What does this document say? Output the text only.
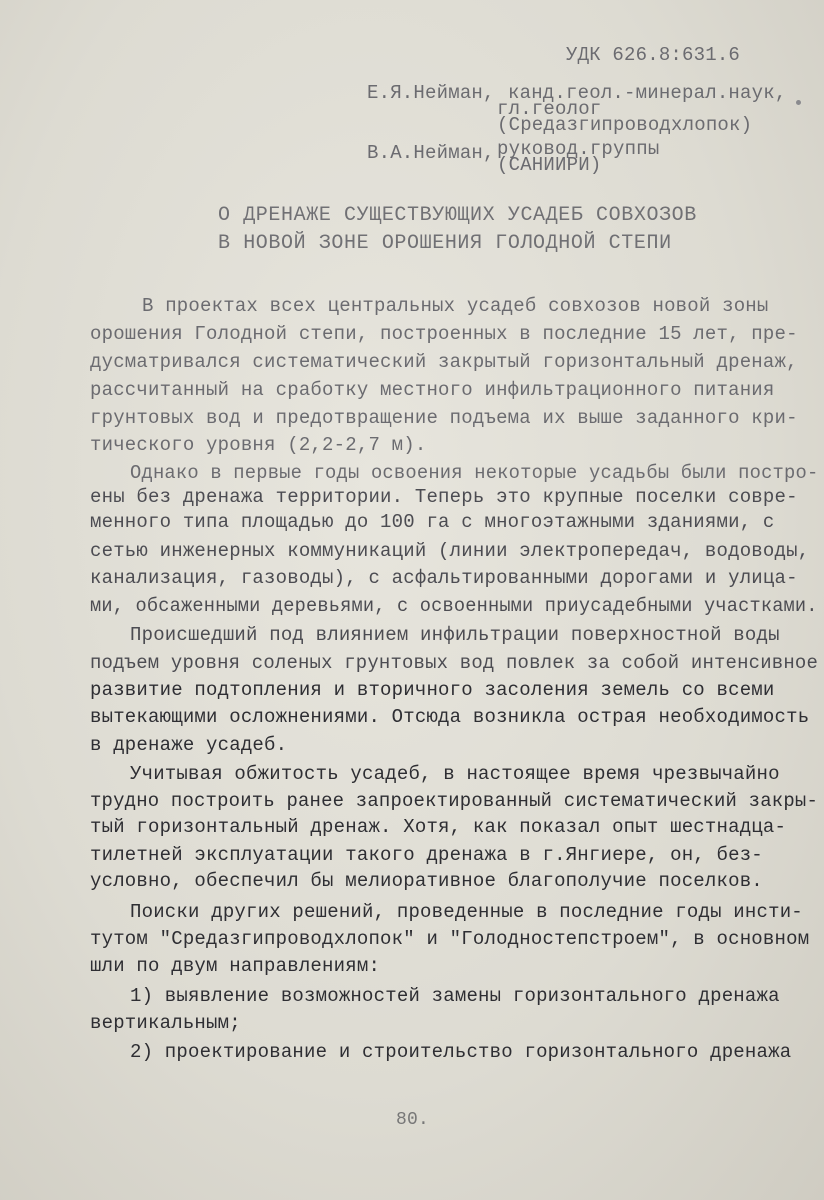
УДК 626.8:631.6
Е.Я.Нейман, канд.геол.-минерал.наук,
гл.геолог
(Средазгипроводхлопок)
В.А.Нейман, руковод.группы
(САНИИРИ)
О ДРЕНАЖЕ СУЩЕСТВУЮЩИХ УСАДЕБ СОВХОЗОВ
В НОВОЙ ЗОНЕ ОРОШЕНИЯ ГОЛОДНОЙ СТЕПИ
В проектах всех центральных усадеб совхозов новой зоны
орошения Голодной степи, построенных в последние 15 лет, пре-
дусматривался систематический закрытый горизонтальный дренаж,
рассчитанный на сработку местного инфильтрационного питания
грунтовых вод и предотвращение подъема их выше заданного кри-
тического уровня (2,2-2,7 м).
Однако в первые годы освоения некоторые усадьбы были постро-
ены без дренажа территории. Теперь это крупные поселки совре-
менного типа площадью до 100 га с многоэтажными зданиями, с
сетью инженерных коммуникаций (линии электропередач, водоводы,
канализация, газоводы), с асфальтированными дорогами и улица-
ми, обсаженными деревьями, с освоенными приусадебными участками.
Происшедший под влиянием инфильтрации поверхностной воды
подъем уровня соленых грунтовых вод повлек за собой интенсивное
развитие подтопления и вторичного засоления земель со всеми
вытекающими осложнениями. Отсюда возникла острая необходимость
в дренаже усадеб.
Учитывая обжитость усадеб, в настоящее время чрезвычайно
трудно построить ранее запроектированный систематический закры-
тый горизонтальный дренаж. Хотя, как показал опыт шестнадца-
тилетней эксплуатации такого дренажа в г.Янгиере, он, без-
условно, обеспечил бы мелиоративное благополучие поселков.
Поиски других решений, проведенные в последние годы инсти-
тутом "Средазгипроводхлопок" и "Голодностепстроем", в основном
шли по двум направлениям:
1) выявление возможностей замены горизонтального дренажа
вертикальным;
2) проектирование и строительство горизонтального дренажа
80.
